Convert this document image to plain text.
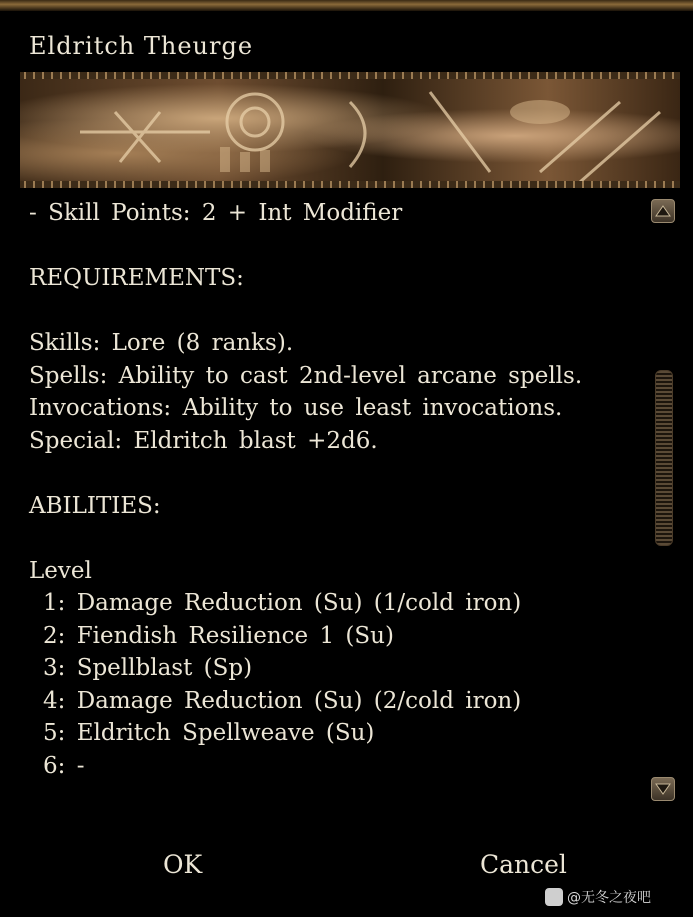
Eldritch Theurge
- Skill Points: 2 + Int Modifier
REQUIREMENTS:
Skills: Lore (8 ranks).
Spells: Ability to cast 2nd-level arcane spells.
Invocations: Ability to use least invocations.
Special: Eldritch blast +2d6.
ABILITIES:
Level
1: Damage Reduction (Su) (1/cold iron)
2: Fiendish Resilience 1 (Su)
3: Spellblast (Sp)
4: Damage Reduction (Su) (2/cold iron)
5: Eldritch Spellweave (Su)
6: -
OK	Cancel
@无冬之夜吧
